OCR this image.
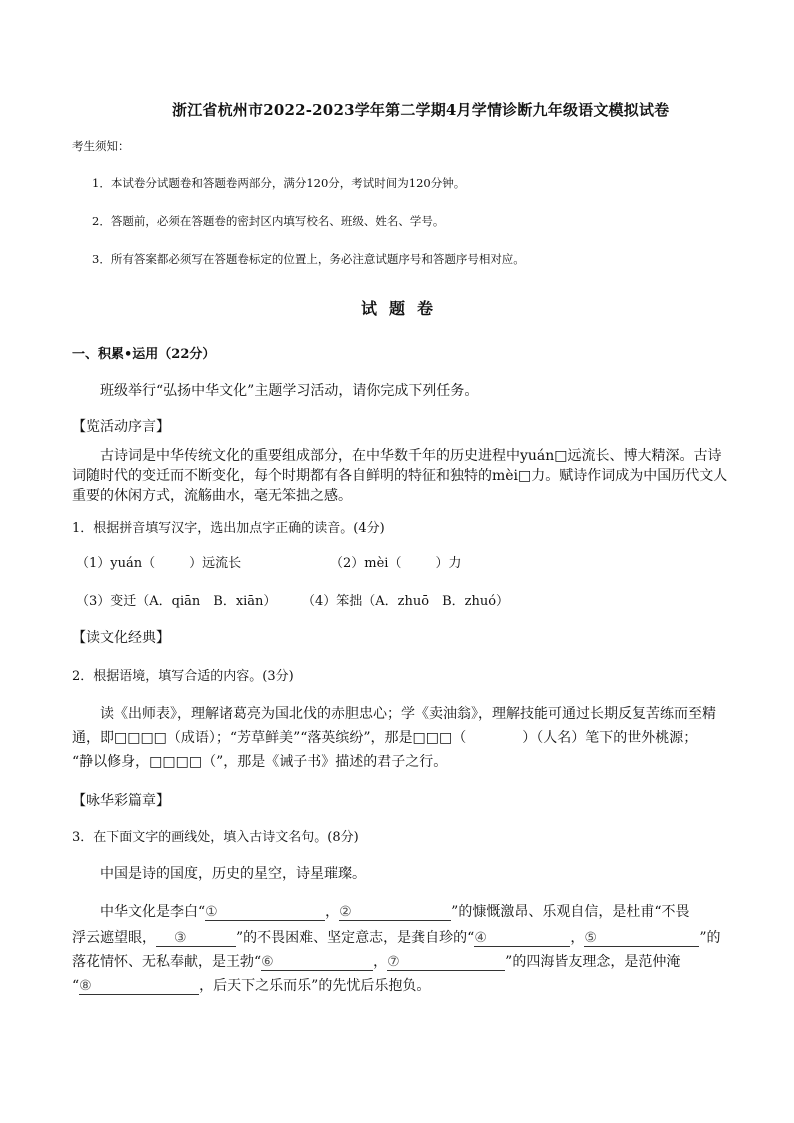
浙江省杭州市2022-2023学年第二学期4月学情诊断九年级语文模拟试卷
考生须知：
1．本试卷分试题卷和答题卷两部分，满分120分，考试时间为120分钟。
2．答题前，必须在答题卷的密封区内填写校名、班级、姓名、学号。
3．所有答案都必须写在答题卷标定的位置上，务必注意试题序号和答题序号相对应。
试题卷
一、积累•运用（22分）
班级举行“弘扬中华文化”主题学习活动，请你完成下列任务。
【览活动序言】
古诗词是中华传统文化的重要组成部分，在中华数千年的历史进程中yuán□远流长、博大精深。古诗
词随时代的变迁而不断变化，每个时期都有各自鲜明的特征和独特的mèi□力。赋诗作词成为中国历代文人
重要的休闲方式，流觞曲水，毫无笨拙之感。
1．根据拼音填写汉字，选出加点字正确的读音。(4分)
（1）yuán（	）远流长	（2）mèi（	）力
（3）变迁（A．qiān　B．xiān） （4）笨拙（A．zhuō　B．zhuó）
【读文化经典】
2．根据语境，填写合适的内容。(3分)
读《出师表》，理解诸葛亮为国北伐的赤胆忠心；学《卖油翁》，理解技能可通过长期反复苦练而至精
通，即□□□□（成语）；“芳草鲜美”“落英缤纷”，那是□□□（　　　　）（人名）笔下的世外桃源；
“静以修身，□□□□（”，那是《诫子书》描述的君子之行。
【咏华彩篇章】
3．在下面文字的画线处，填入古诗文名句。(8分)
中国是诗的国度，历史的星空，诗星璀璨。
中华文化是李白“①	，②	”的慷慨激昂、乐观自信，是杜甫“不畏
浮云遮望眼， ③	”的不畏困难、坚定意志，是龚自珍的“④	，⑤	”的
落花情怀、无私奉献，是王勃“⑥	，⑦	”的四海皆友理念，是范仲淹
“⑧	，后天下之乐而乐”的先忧后乐抱负。
